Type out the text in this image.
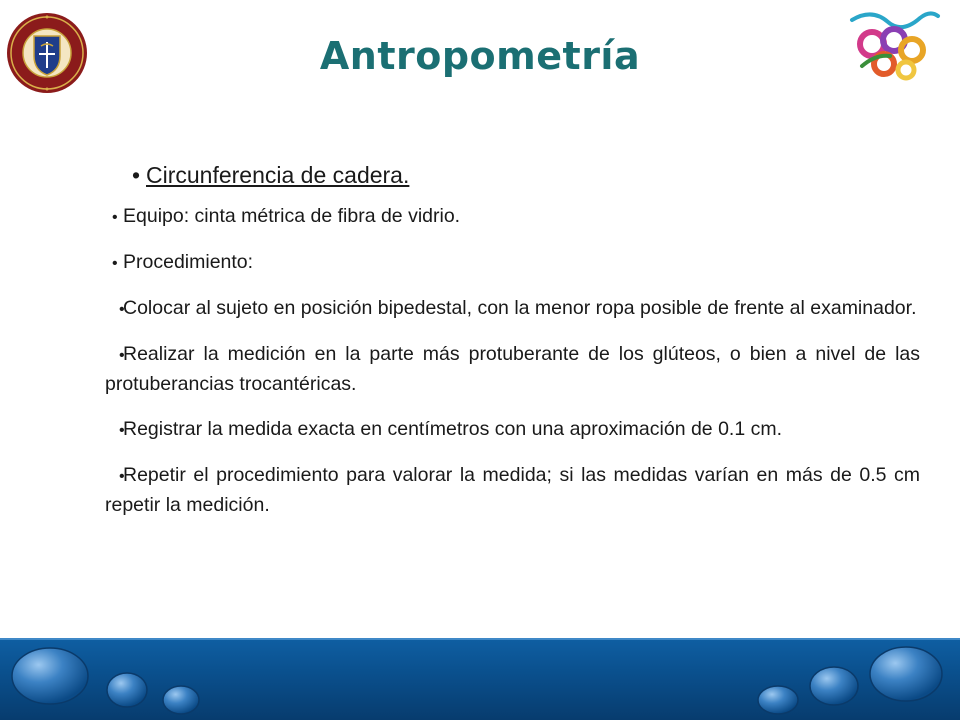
Antropometría
• Circunferencia de cadera.
• Equipo: cinta métrica de fibra de vidrio.
• Procedimiento:
•Colocar al sujeto en posición bipedestal, con la menor ropa posible de frente al examinador.
•Realizar la medición en la parte más protuberante de los glúteos, o bien a nivel de las protuberancias trocantéricas.
•Registrar la medida exacta en centímetros con una aproximación de 0.1 cm.
•Repetir el procedimiento para valorar la medida; si las medidas varían en más de 0.5 cm repetir la medición.
